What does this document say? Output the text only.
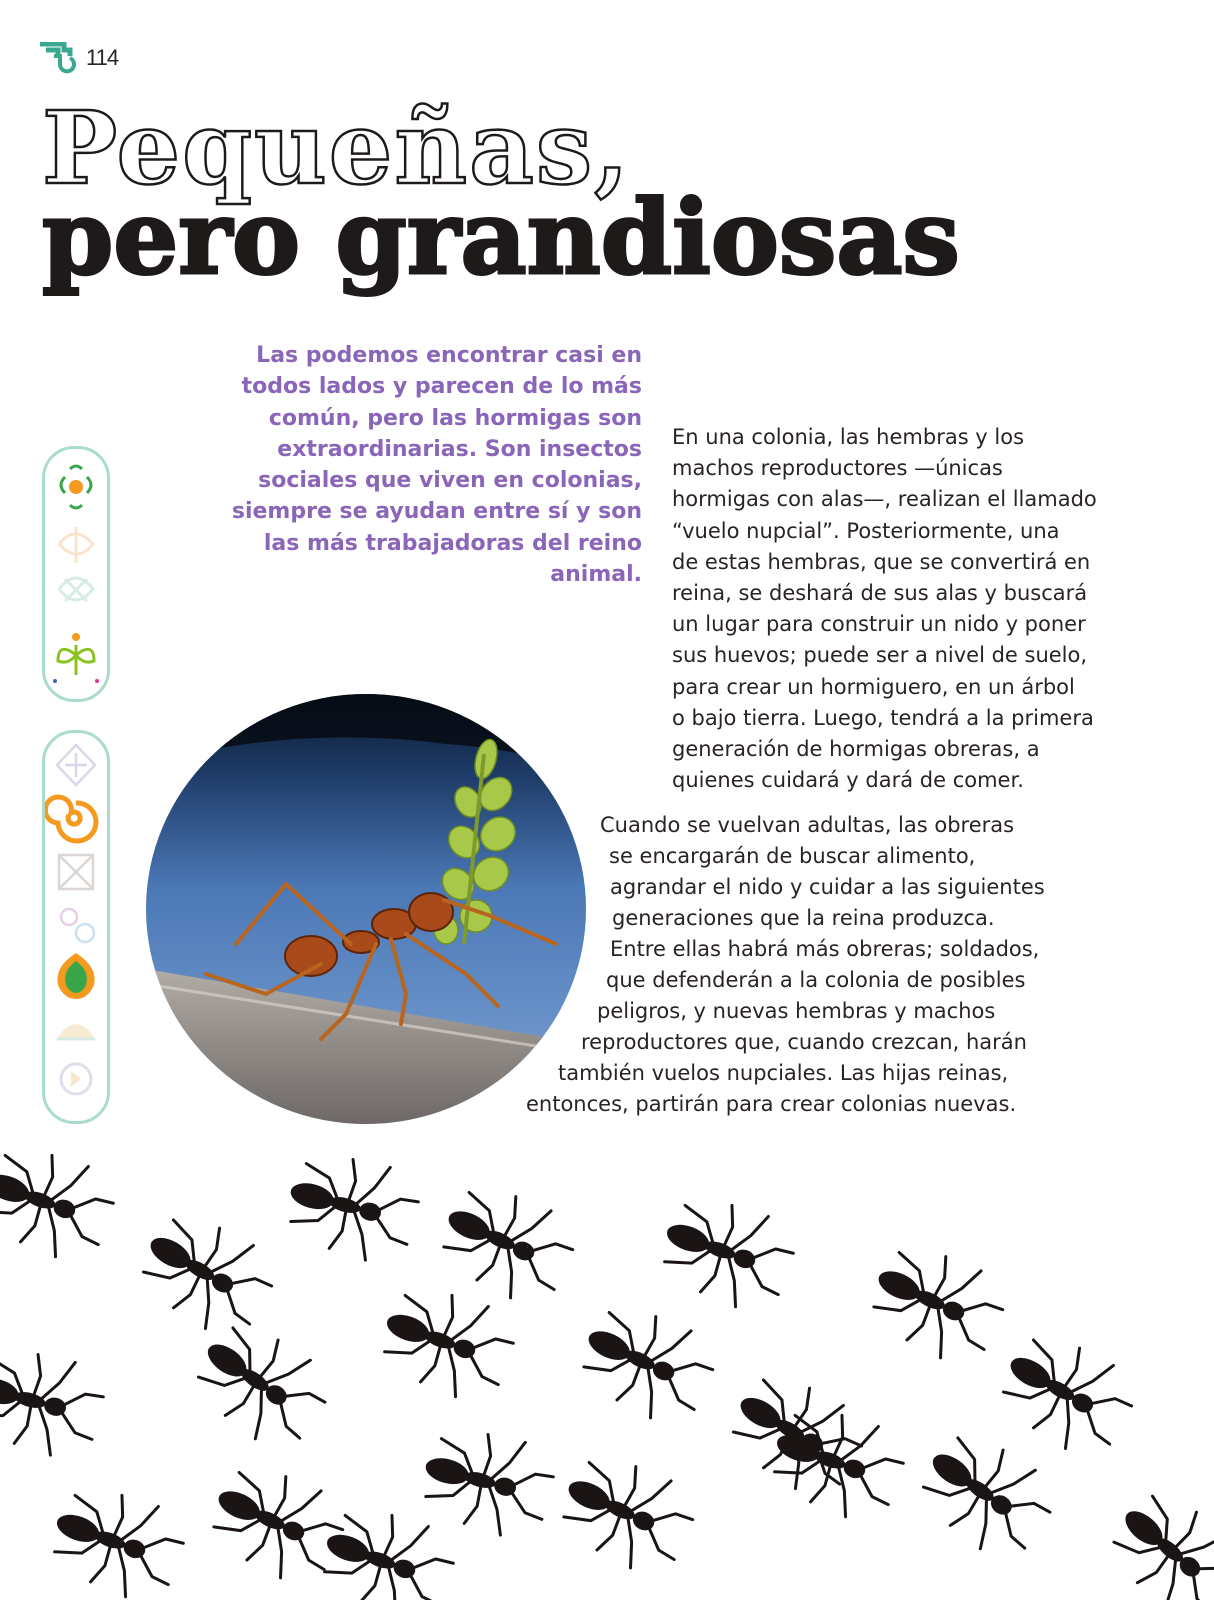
114
Pequeñas,
pero grandiosas

Las podemos encontrar casi en todos lados y parecen de lo más común, pero las hormigas son extraordinarias. Son insectos sociales que viven en colonias, siempre se ayudan entre sí y son las más trabajadoras del reino animal.

En una colonia, las hembras y los
machos reproductores —únicas
hormigas con alas—, realizan el llamado
“vuelo nupcial”. Posteriormente, una
de estas hembras, que se convertirá en
reina, se deshará de sus alas y buscará
un lugar para construir un nido y poner
sus huevos; puede ser a nivel de suelo,
para crear un hormiguero, en un árbol
o bajo tierra. Luego, tendrá a la primera
generación de hormigas obreras, a
quienes cuidará y dará de comer.
Cuando se vuelvan adultas, las obreras
se encargarán de buscar alimento,
agrandar el nido y cuidar a las siguientes
generaciones que la reina produzca.
Entre ellas habrá más obreras; soldados,
que defenderán a la colonia de posibles
peligros, y nuevas hembras y machos
reproductores que, cuando crezcan, harán
también vuelos nupciales. Las hijas reinas,
entonces, partirán para crear colonias nuevas.
